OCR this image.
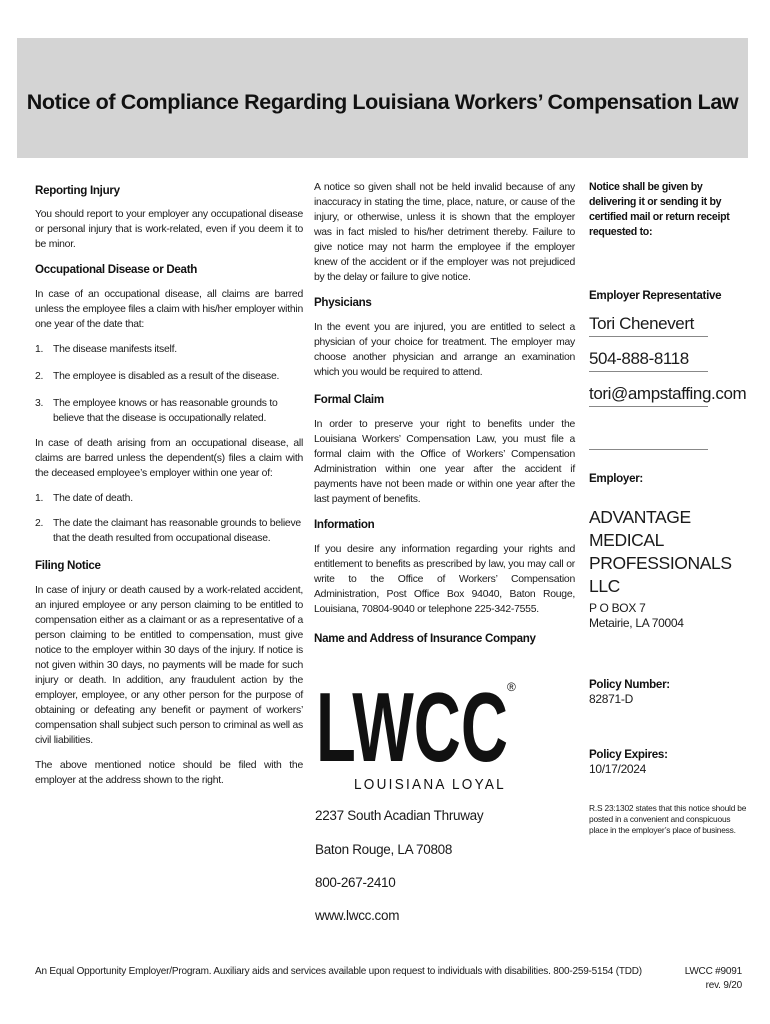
Notice of Compliance Regarding Louisiana Workers’ Compensation Law
Reporting Injury
You should report to your employer any occupational disease or personal injury that is work-related, even if you deem it to be minor.
Occupational Disease or Death
In case of an occupational disease, all claims are barred unless the employee files a claim with his/her employer within one year of the date that:
1. The disease manifests itself.
2. The employee is disabled as a result of the disease.
3. The employee knows or has reasonable grounds to believe that the disease is occupationally related.
In case of death arising from an occupational disease, all claims are barred unless the dependent(s) files a claim with the deceased employee’s employer within one year of:
1. The date of death.
2. The date the claimant has reasonable grounds to believe that the death resulted from occupational disease.
Filing Notice
In case of injury or death caused by a work-related accident, an injured employee or any person claiming to be entitled to compensation either as a claimant or as a representative of a person claiming to be entitled to compensation, must give notice to the employer within 30 days of the injury. If notice is not given within 30 days, no payments will be made for such injury or death. In addition, any fraudulent action by the employer, employee, or any other person for the purpose of obtaining or defeating any benefit or payment of workers’ compensation shall subject such person to criminal as well as civil liabilities.
The above mentioned notice should be filed with the employer at the address shown to the right.
A notice so given shall not be held invalid because of any inaccuracy in stating the time, place, nature, or cause of the injury, or otherwise, unless it is shown that the employer was in fact misled to his/her detriment thereby. Failure to give notice may not harm the employee if the employer knew of the accident or if the employer was not prejudiced by the delay or failure to give notice.
Physicians
In the event you are injured, you are entitled to select a physician of your choice for treatment. The employer may choose another physician and arrange an examination which you would be required to attend.
Formal Claim
In order to preserve your right to benefits under the Louisiana Workers’ Compensation Law, you must file a formal claim with the Office of Workers’ Compensation Administration within one year after the accident if payments have not been made or within one year after the last payment of benefits.
Information
If you desire any information regarding your rights and entitlement to benefits as prescribed by law, you may call or write to the Office of Workers’ Compensation Administration, Post Office Box 94040, Baton Rouge, Louisiana, 70804-9040 or telephone 225-342-7555.
Name and Address of Insurance Company
LWCC ®
LOUISIANA LOYAL
2237 South Acadian Thruway
Baton Rouge, LA 70808
800-267-2410
www.lwcc.com
Notice shall be given by delivering it or sending it by certified mail or return receipt requested to:
Employer Representative
Tori Chenevert
504-888-8118
tori@ampstaffing.com
Employer:
ADVANTAGE MEDICAL PROFESSIONALS LLC
P O BOX 7
Metairie, LA 70004
Policy Number:
82871-D
Policy Expires:
10/17/2024
R.S 23:1302 states that this notice should be posted in a convenient and conspicuous place in the employer’s place of business.
An Equal Opportunity Employer/Program. Auxiliary aids and services available upon request to individuals with disabilities. 800-259-5154 (TDD)	LWCC #9091
rev. 9/20
